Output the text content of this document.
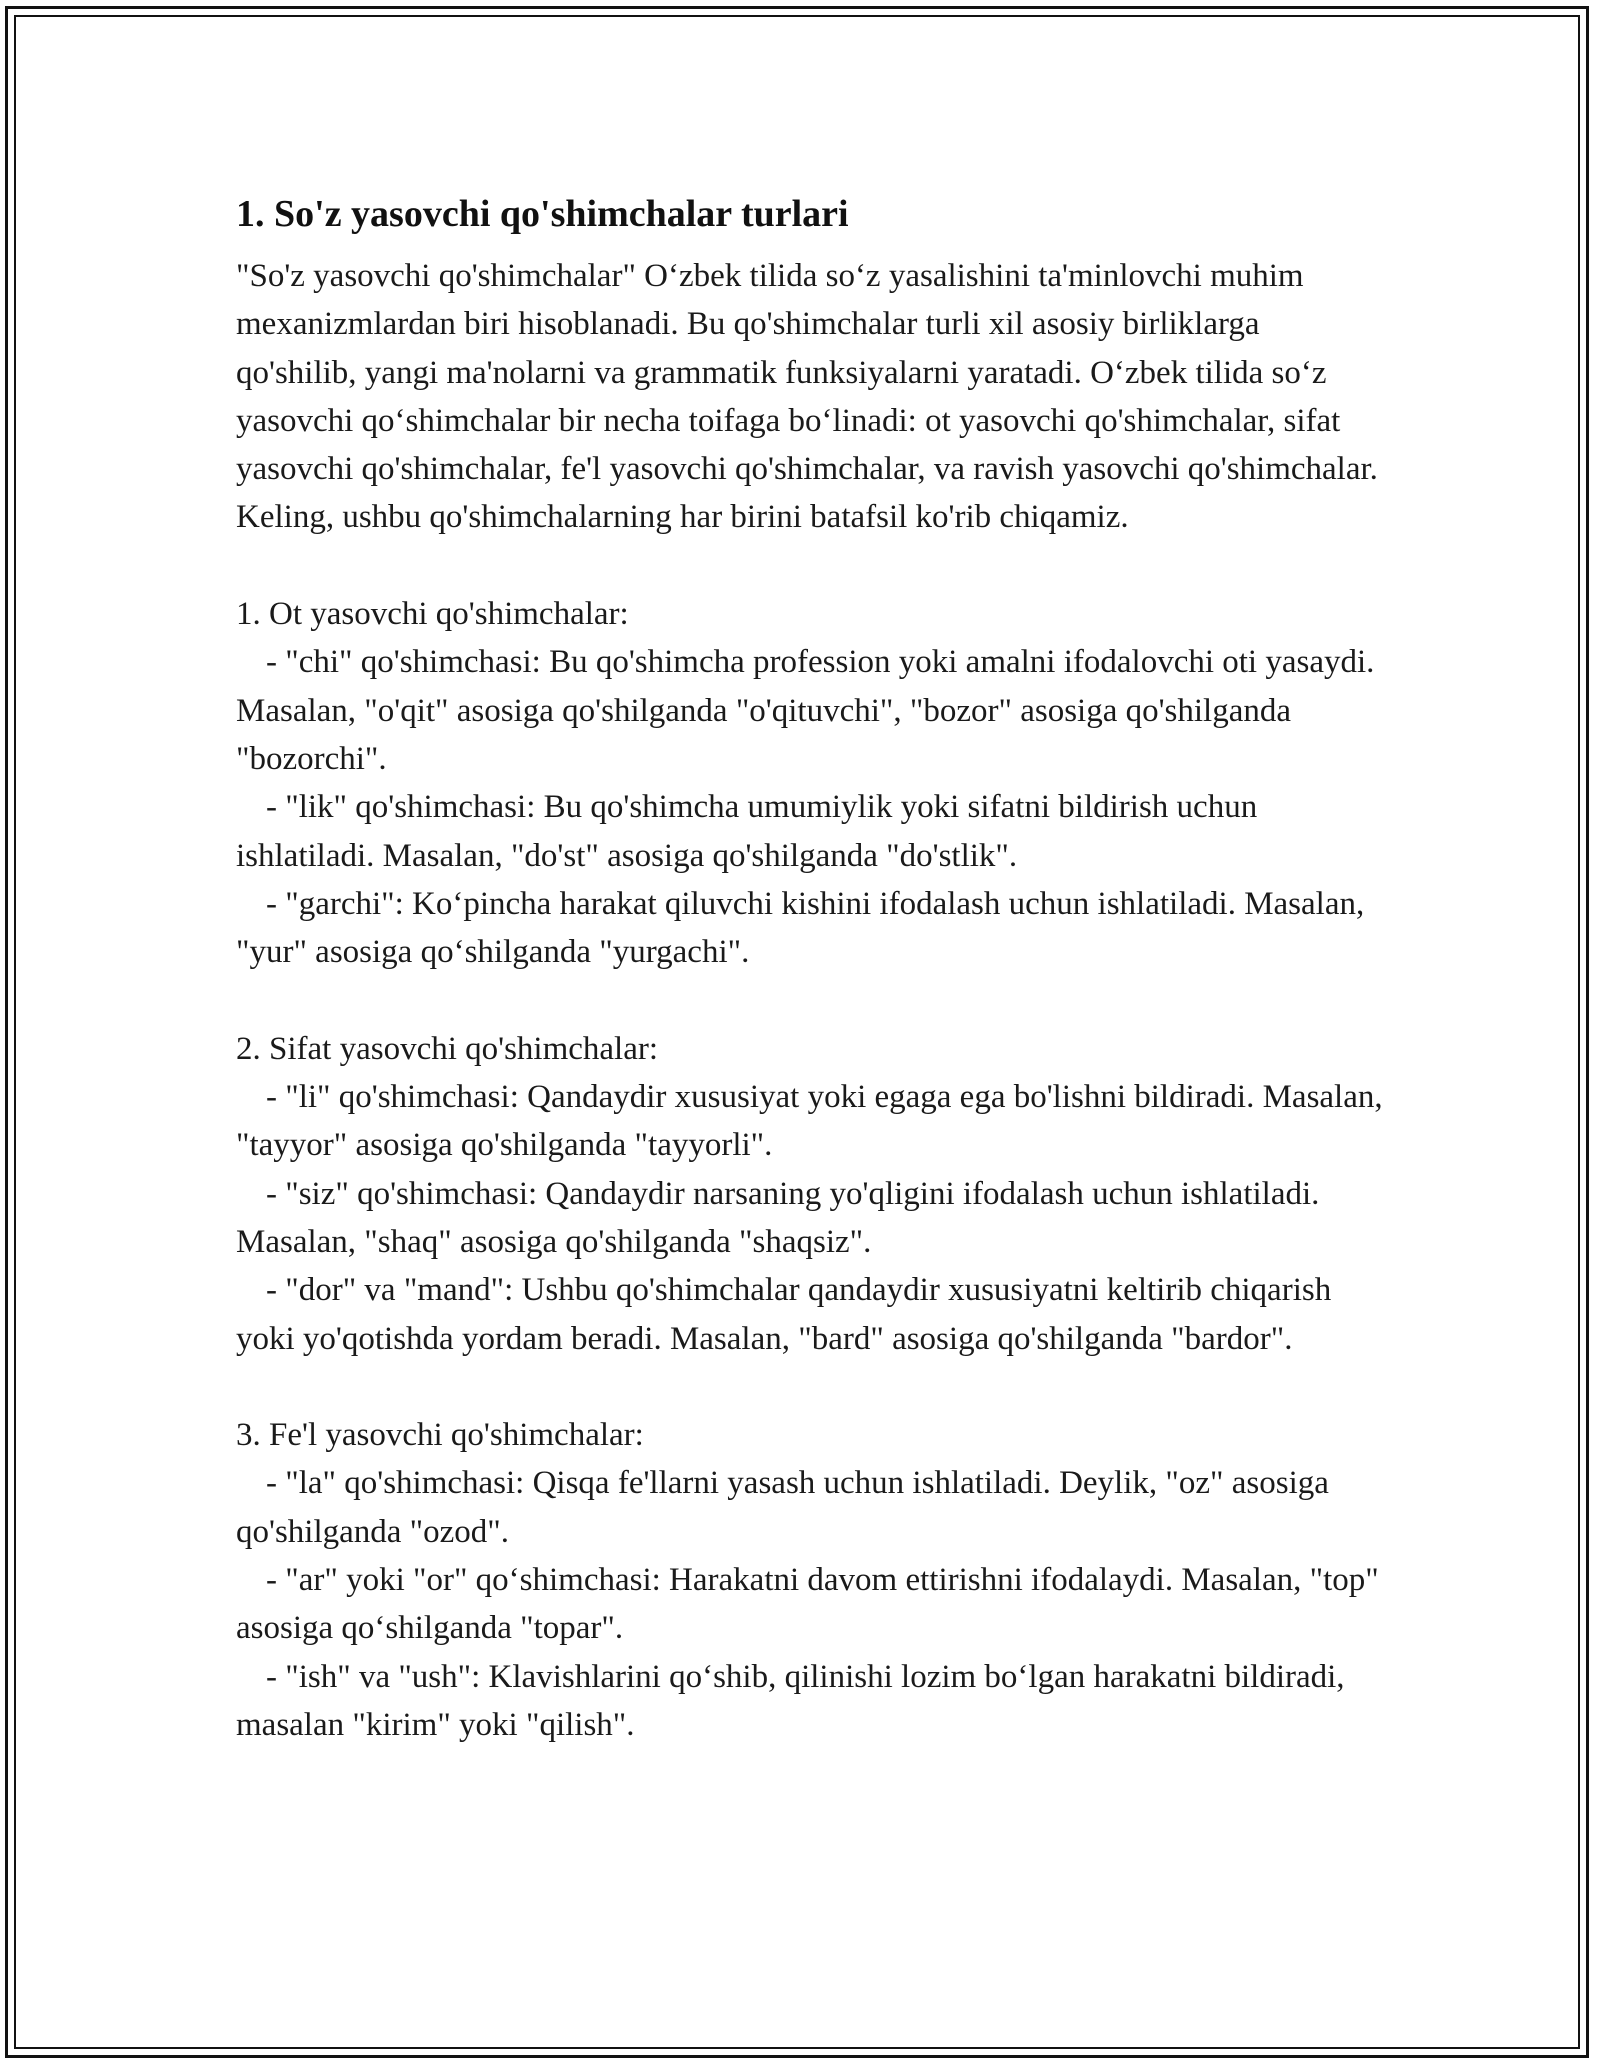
1. So'z yasovchi qo'shimchalar turlari

"So'z yasovchi qo'shimchalar" O‘zbek tilida so‘z yasalishini ta'minlovchi muhim mexanizmlardan biri hisoblanadi. Bu qo'shimchalar turli xil asosiy birliklarga qo'shilib, yangi ma'nolarni va grammatik funksiyalarni yaratadi. O‘zbek tilida so‘z yasovchi qo‘shimchalar bir necha toifaga bo‘linadi: ot yasovchi qo'shimchalar, sifat yasovchi qo'shimchalar, fe'l yasovchi qo'shimchalar, va ravish yasovchi qo'shimchalar. Keling, ushbu qo'shimchalarning har birini batafsil ko'rib chiqamiz.

1. Ot yasovchi qo'shimchalar:

- "chi" qo'shimchasi: Bu qo'shimcha profession yoki amalni ifodalovchi oti yasaydi. Masalan, "o'qit" asosiga qo'shilganda "o'qituvchi", "bozor" asosiga qo'shilganda "bozorchi".

- "lik" qo'shimchasi: Bu qo'shimcha umumiylik yoki sifatni bildirish uchun ishlatiladi. Masalan, "do'st" asosiga qo'shilganda "do'stlik".

- "garchi": Ko‘pincha harakat qiluvchi kishini ifodalash uchun ishlatiladi. Masalan, "yur" asosiga qo‘shilganda "yurgachi".

2. Sifat yasovchi qo'shimchalar:

- "li" qo'shimchasi: Qandaydir xususiyat yoki egaga ega bo'lishni bildiradi. Masalan, "tayyor" asosiga qo'shilganda "tayyorli".

- "siz" qo'shimchasi: Qandaydir narsaning yo'qligini ifodalash uchun ishlatiladi. Masalan, "shaq" asosiga qo'shilganda "shaqsiz".

- "dor" va "mand": Ushbu qo'shimchalar qandaydir xususiyatni keltirib chiqarish yoki yo'qotishda yordam beradi. Masalan, "bard" asosiga qo'shilganda "bardor".

3. Fe'l yasovchi qo'shimchalar:

- "la" qo'shimchasi: Qisqa fe'llarni yasash uchun ishlatiladi. Deylik, "oz" asosiga qo'shilganda "ozod".

- "ar" yoki "or" qo‘shimchasi: Harakatni davom ettirishni ifodalaydi. Masalan, "top" asosiga qo‘shilganda "topar".

- "ish" va "ush": Klavishlarini qo‘shib, qilinishi lozim bo‘lgan harakatni bildiradi, masalan "kirim" yoki "qilish".
